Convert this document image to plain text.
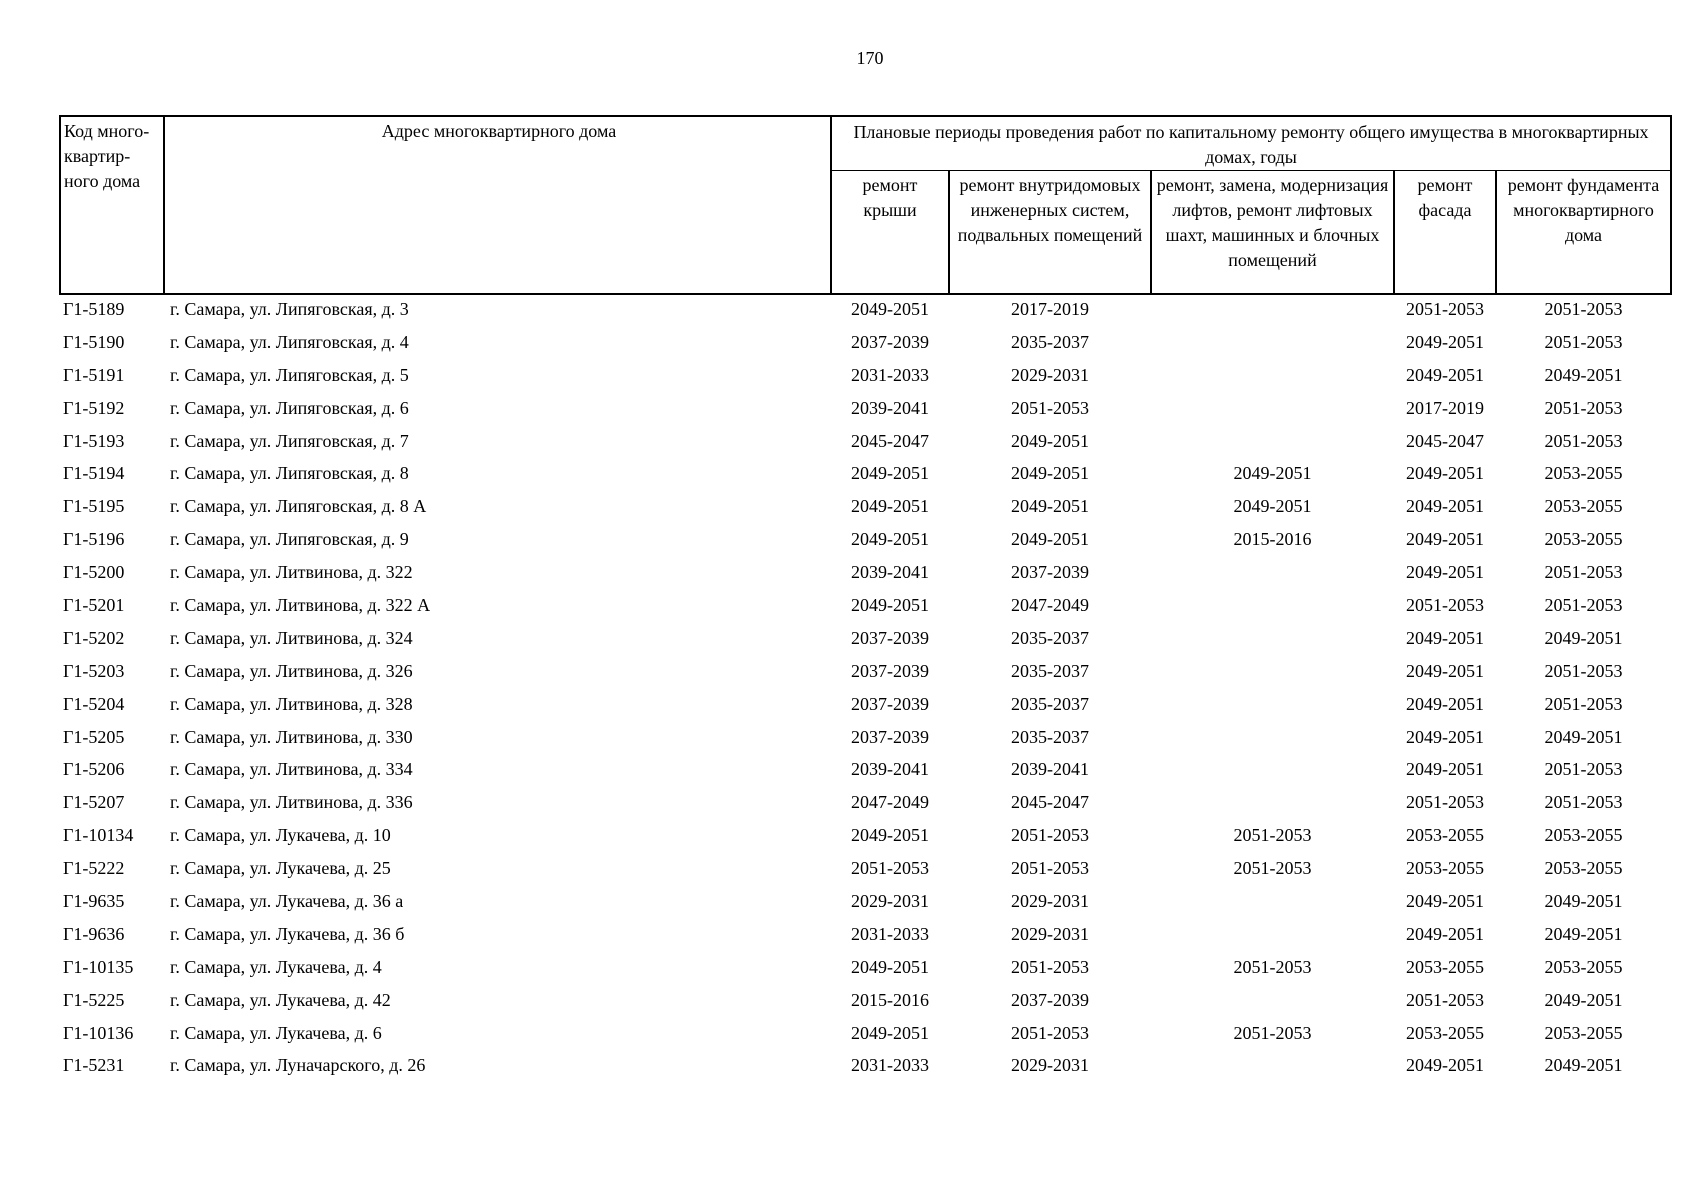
170
Код много-квартир-ного дома	Адрес многоквартирного дома	Плановые периоды проведения работ по капитальному ремонту общего имущества в многоквартирных домах, годы				
		ремонт крыши	ремонт внутридомовых инженерных систем, подвальных помещений	ремонт, замена, модернизация лифтов, ремонт лифтовых шахт, машинных и блочных помещений	ремонт фасада	ремонт фундамента многоквартирного дома
Г1-5189	г. Самара, ул. Липяговская, д. 3	2049-2051	2017-2019		2051-2053	2051-2053
Г1-5190	г. Самара, ул. Липяговская, д. 4	2037-2039	2035-2037		2049-2051	2051-2053
Г1-5191	г. Самара, ул. Липяговская, д. 5	2031-2033	2029-2031		2049-2051	2049-2051
Г1-5192	г. Самара, ул. Липяговская, д. 6	2039-2041	2051-2053		2017-2019	2051-2053
Г1-5193	г. Самара, ул. Липяговская, д. 7	2045-2047	2049-2051		2045-2047	2051-2053
Г1-5194	г. Самара, ул. Липяговская, д. 8	2049-2051	2049-2051	2049-2051	2049-2051	2053-2055
Г1-5195	г. Самара, ул. Липяговская, д. 8 А	2049-2051	2049-2051	2049-2051	2049-2051	2053-2055
Г1-5196	г. Самара, ул. Липяговская, д. 9	2049-2051	2049-2051	2015-2016	2049-2051	2053-2055
Г1-5200	г. Самара, ул. Литвинова, д. 322	2039-2041	2037-2039		2049-2051	2051-2053
Г1-5201	г. Самара, ул. Литвинова, д. 322 А	2049-2051	2047-2049		2051-2053	2051-2053
Г1-5202	г. Самара, ул. Литвинова, д. 324	2037-2039	2035-2037		2049-2051	2049-2051
Г1-5203	г. Самара, ул. Литвинова, д. 326	2037-2039	2035-2037		2049-2051	2051-2053
Г1-5204	г. Самара, ул. Литвинова, д. 328	2037-2039	2035-2037		2049-2051	2051-2053
Г1-5205	г. Самара, ул. Литвинова, д. 330	2037-2039	2035-2037		2049-2051	2049-2051
Г1-5206	г. Самара, ул. Литвинова, д. 334	2039-2041	2039-2041		2049-2051	2051-2053
Г1-5207	г. Самара, ул. Литвинова, д. 336	2047-2049	2045-2047		2051-2053	2051-2053
Г1-10134	г. Самара, ул. Лукачева, д. 10	2049-2051	2051-2053	2051-2053	2053-2055	2053-2055
Г1-5222	г. Самара, ул. Лукачева, д. 25	2051-2053	2051-2053	2051-2053	2053-2055	2053-2055
Г1-9635	г. Самара, ул. Лукачева, д. 36 а	2029-2031	2029-2031		2049-2051	2049-2051
Г1-9636	г. Самара, ул. Лукачева, д. 36 б	2031-2033	2029-2031		2049-2051	2049-2051
Г1-10135	г. Самара, ул. Лукачева, д. 4	2049-2051	2051-2053	2051-2053	2053-2055	2053-2055
Г1-5225	г. Самара, ул. Лукачева, д. 42	2015-2016	2037-2039		2051-2053	2049-2051
Г1-10136	г. Самара, ул. Лукачева, д. 6	2049-2051	2051-2053	2051-2053	2053-2055	2053-2055
Г1-5231	г. Самара, ул. Луначарского, д. 26	2031-2033	2029-2031		2049-2051	2049-2051
